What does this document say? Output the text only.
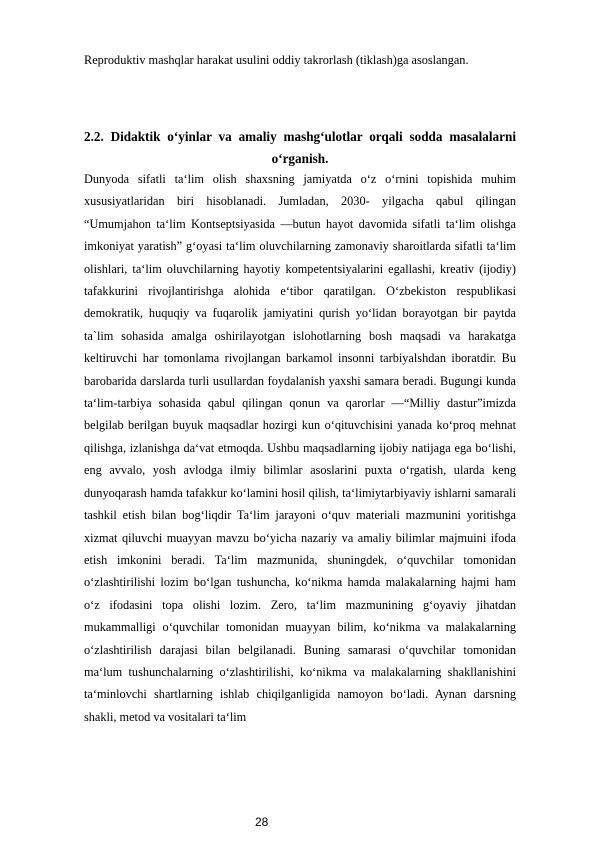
Reproduktiv mashqlar harakat usulini oddiy takrorlash (tiklash)ga asoslangan.
2.2. Didaktik o‘yinlar va amaliy mashg‘ulotlar orqali sodda masalalarni
o‘rganish.
Dunyoda sifatli ta‘lim olish shaxsning jamiyatda o‘z o‘rnini topishida muhim xususiyatlaridan biri hisoblanadi. Jumladan, 2030- yilgacha qabul qilingan “Umumjahon ta‘lim Kontseptsiyasida —butun hayot davomida sifatli ta‘lim olishga imkoniyat yaratish” g‘oyasi ta‘lim oluvchilarning zamonaviy sharoitlarda sifatli ta‘lim olishlari, ta‘lim oluvchilarning hayotiy kompetentsiyalarini egallashi, kreativ (ijodiy) tafakkurini rivojlantirishga alohida e‘tibor qaratilgan. O‘zbekiston respublikasi demokratik, huquqiy va fuqarolik jamiyatini qurish yo‘lidan borayotgan bir paytda ta`lim sohasida amalga oshirilayotgan islohotlarning bosh maqsadi va harakatga keltiruvchi har tomonlama rivojlangan barkamol insonni tarbiyalshdan iboratdir. Bu barobarida darslarda turli usullardan foydalanish yaxshi samara beradi. Bugungi kunda ta‘lim-tarbiya sohasida qabul qilingan qonun va qarorlar —“Milliy dastur”imizda belgilab berilgan buyuk maqsadlar hozirgi kun o‘qituvchisini yanada ko‘proq mehnat qilishga, izlanishga da‘vat etmoqda. Ushbu maqsadlarning ijobiy natijaga ega bo‘lishi, eng avvalo, yosh avlodga ilmiy bilimlar asoslarini puxta o‘rgatish, ularda keng dunyoqarash hamda tafakkur ko‘lamini hosil qilish, ta‘limiytarbiyaviy ishlarni samarali tashkil etish bilan bog‘liqdir Ta‘lim jarayoni o‘quv materiali mazmunini yoritishga xizmat qiluvchi muayyan mavzu bo‘yicha nazariy va amaliy bilimlar majmuini ifoda etish imkonini beradi. Ta‘lim mazmunida, shuningdek, o‘quvchilar tomonidan o‘zlashtirilishi lozim bo‘lgan tushuncha, ko‘nikma hamda malakalarning hajmi ham o‘z ifodasini topa olishi lozim. Zero, ta‘lim mazmunining g‘oyaviy jihatdan mukammalligi o‘quvchilar tomonidan muayyan bilim, ko‘nikma va malakalarning o‘zlashtirilish darajasi bilan belgilanadi. Buning samarasi o‘quvchilar tomonidan ma‘lum tushunchalarning o‘zlashtirilishi, ko‘nikma va malakalarning shakllanishini ta‘minlovchi shartlarning ishlab chiqilganligida namoyon bo‘ladi. Aynan darsning shakli, metod va vositalari ta‘lim
28
